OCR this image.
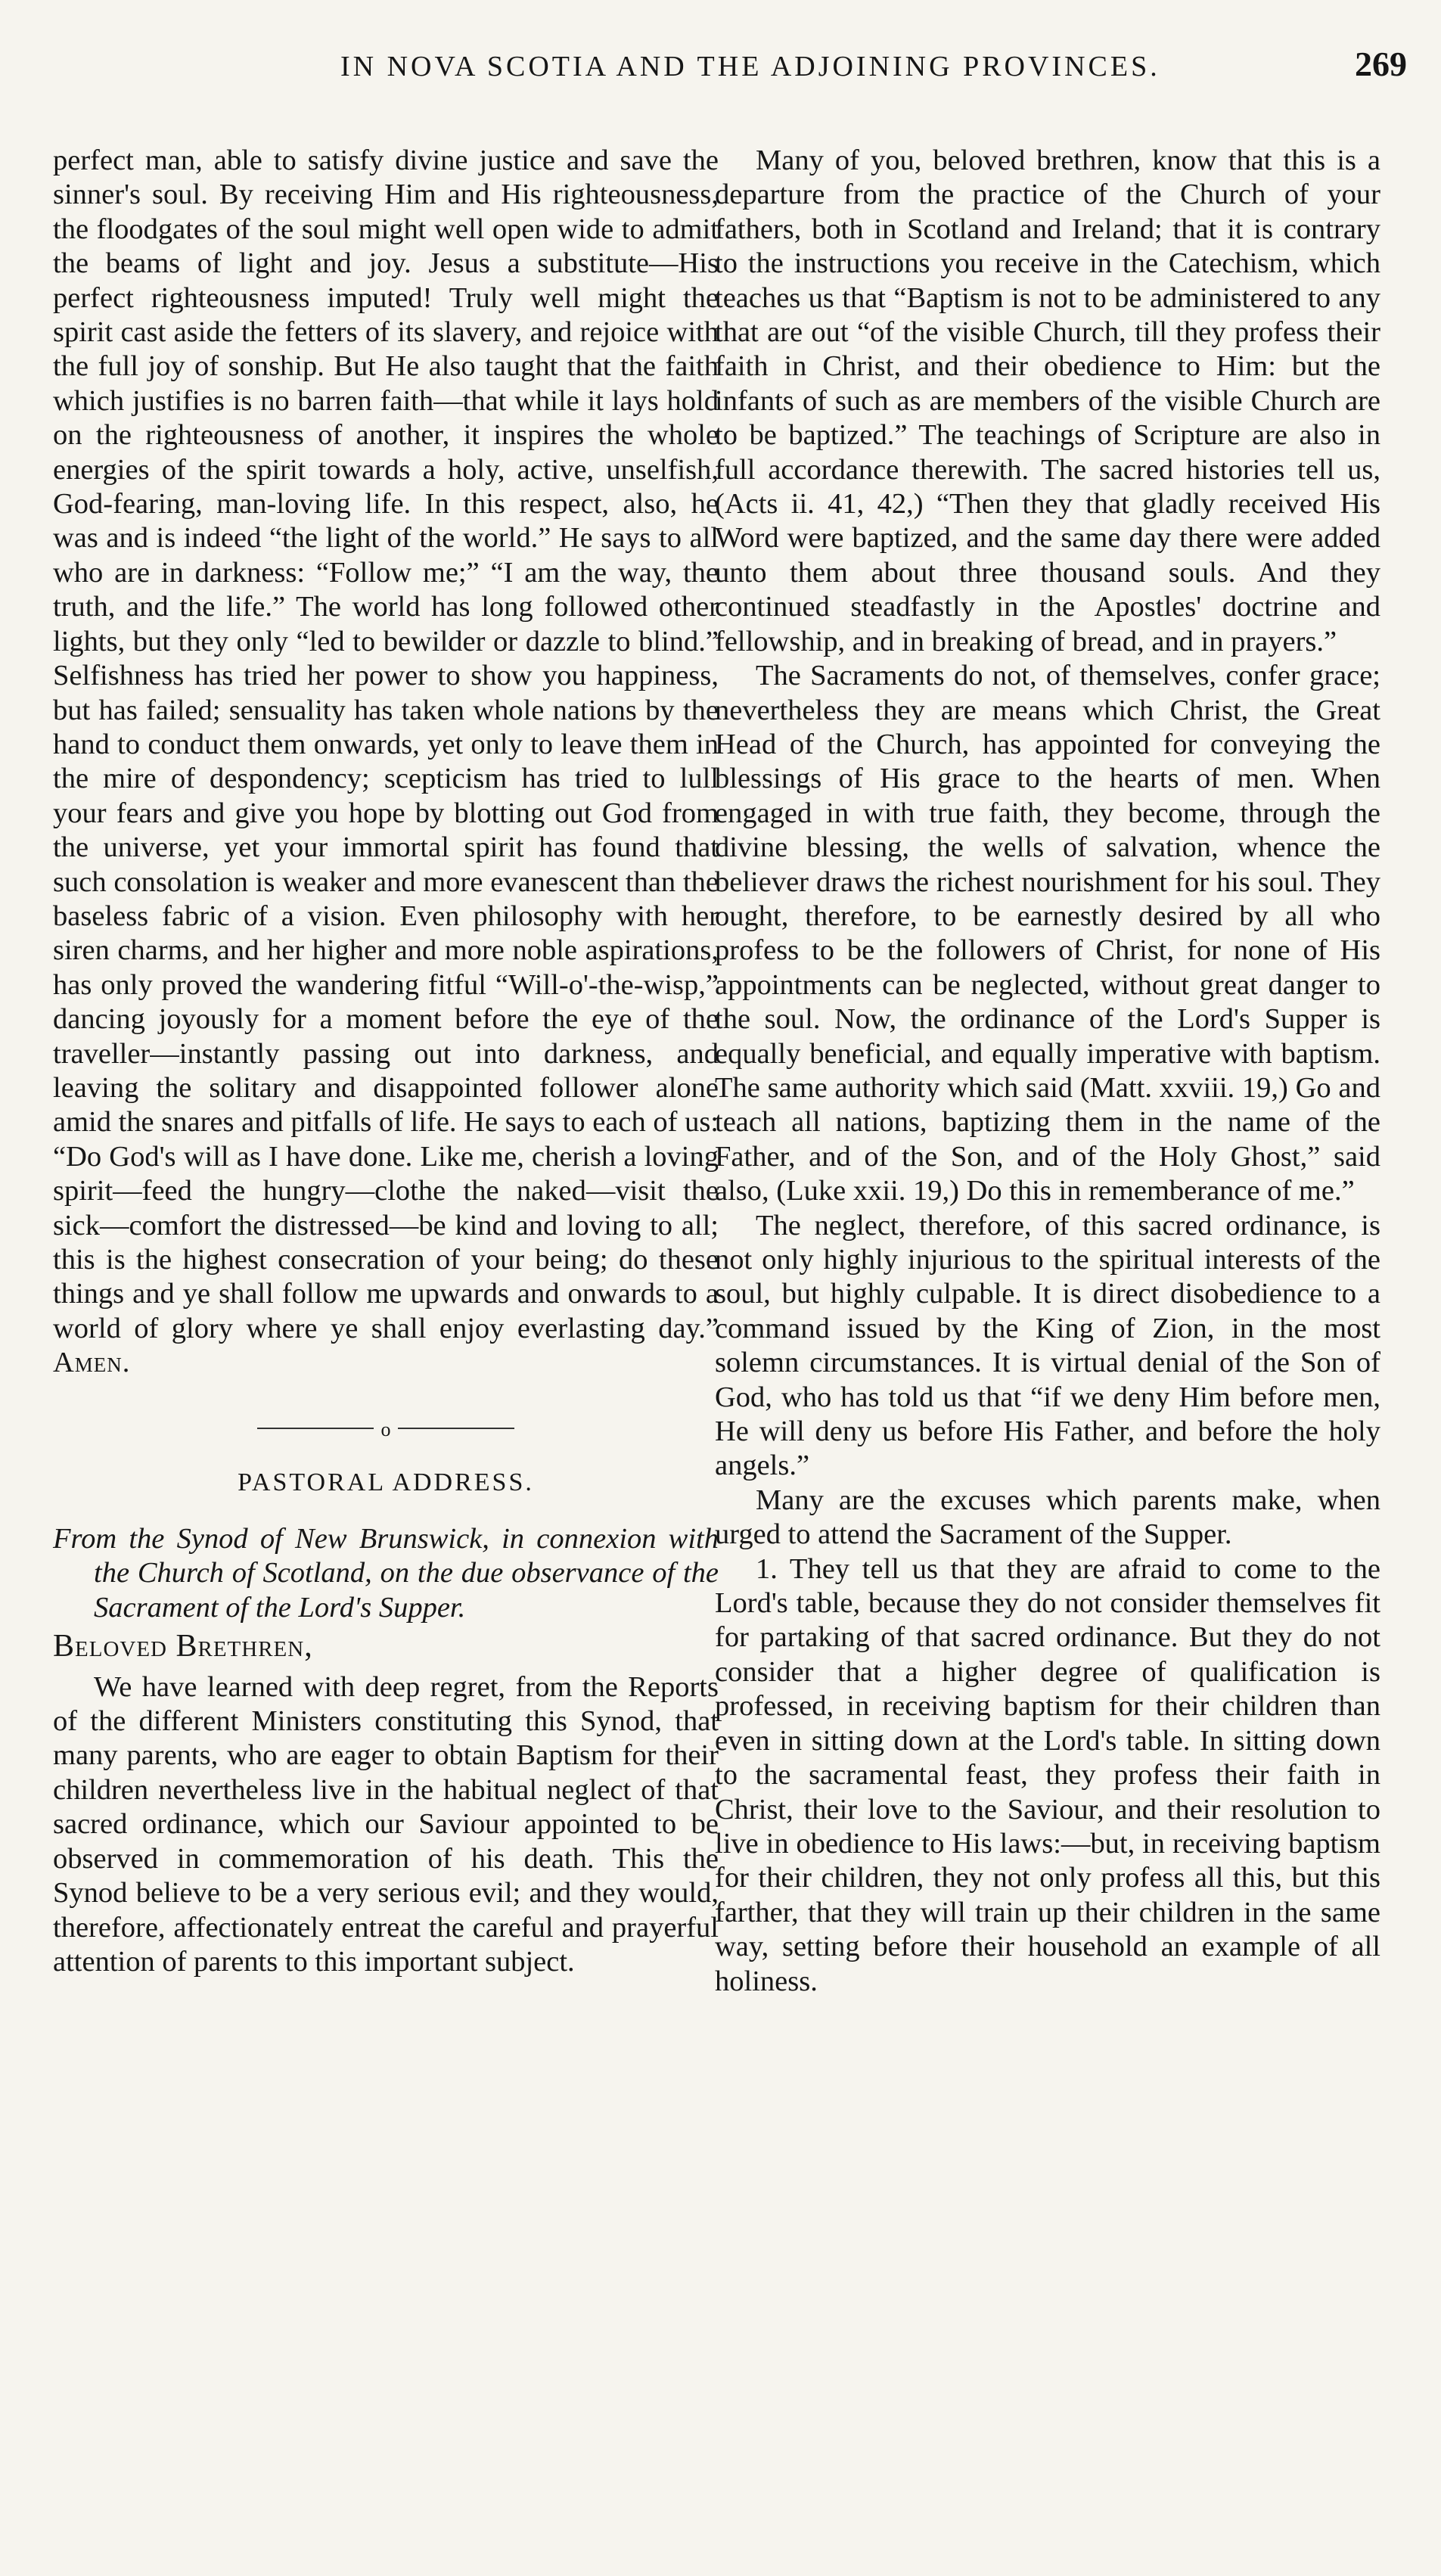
IN NOVA SCOTIA AND THE ADJOINING PROVINCES.	269

perfect man, able to satisfy divine justice and save the sinner's soul. By receiving Him and His righteousness, the floodgates of the soul might well open wide to admit the beams of light and joy. Jesus a substitute—His perfect righteousness imputed! Truly well might the spirit cast aside the fetters of its slavery, and rejoice with the full joy of sonship. But He also taught that the faith which justifies is no barren faith—that while it lays hold on the righteousness of another, it inspires the whole energies of the spirit towards a holy, active, unselfish, God-fearing, man-loving life. In this respect, also, he was and is indeed “the light of the world.” He says to all who are in darkness: “Follow me;” “I am the way, the truth, and the life.” The world has long followed other lights, but they only “led to bewilder or dazzle to blind.” Selfishness has tried her power to show you happiness, but has failed; sensuality has taken whole nations by the hand to conduct them onwards, yet only to leave them in the mire of despondency; scepticism has tried to lull your fears and give you hope by blotting out God from the universe, yet your immortal spirit has found that such consolation is weaker and more evanescent than the baseless fabric of a vision. Even philosophy with her siren charms, and her higher and more noble aspirations, has only proved the wandering fitful “Will-o'-the-wisp,” dancing joyously for a moment before the eye of the traveller—instantly passing out into darkness, and leaving the solitary and disappointed follower alone amid the snares and pitfalls of life. He says to each of us: “Do God's will as I have done. Like me, cherish a loving spirit—feed the hungry—clothe the naked—visit the sick—comfort the distressed—be kind and loving to all; this is the highest consecration of your being; do these things and ye shall follow me upwards and onwards to a world of glory where ye shall enjoy everlasting day.” Amen.

o
PASTORAL ADDRESS.

From the Synod of New Brunswick, in connexion with the Church of Scotland, on the due observance of the Sacrament of the Lord's Supper.

Beloved Brethren,

We have learned with deep regret, from the Reports of the different Ministers constituting this Synod, that many parents, who are eager to obtain Baptism for their children nevertheless live in the habitual neglect of that sacred ordinance, which our Saviour appointed to be observed in commemoration of his death. This the Synod believe to be a very serious evil; and they would, therefore, affectionately entreat the careful and prayerful attention of parents to this important subject.

Many of you, beloved brethren, know that this is a departure from the practice of the Church of your fathers, both in Scotland and Ireland; that it is contrary to the instructions you receive in the Catechism, which teaches us that “Baptism is not to be administered to any that are out “of the visible Church, till they profess their faith in Christ, and their obedience to Him: but the infants of such as are members of the visible Church are to be baptized.” The teachings of Scripture are also in full accordance therewith. The sacred histories tell us, (Acts ii. 41, 42,) “Then they that gladly received His Word were baptized, and the same day there were added unto them about three thousand souls. And they continued steadfastly in the Apostles' doctrine and fellowship, and in breaking of bread, and in prayers.”

The Sacraments do not, of themselves, confer grace; nevertheless they are means which Christ, the Great Head of the Church, has appointed for conveying the blessings of His grace to the hearts of men. When engaged in with true faith, they become, through the divine blessing, the wells of salvation, whence the believer draws the richest nourishment for his soul. They ought, therefore, to be earnestly desired by all who profess to be the followers of Christ, for none of His appointments can be neglected, without great danger to the soul. Now, the ordinance of the Lord's Supper is equally beneficial, and equally imperative with baptism. The same authority which said (Matt. xxviii. 19,) Go and teach all nations, baptizing them in the name of the Father, and of the Son, and of the Holy Ghost,” said also, (Luke xxii. 19,) Do this in rememberance of me.”

The neglect, therefore, of this sacred ordinance, is not only highly injurious to the spiritual interests of the soul, but highly culpable. It is direct disobedience to a command issued by the King of Zion, in the most solemn circumstances. It is virtual denial of the Son of God, who has told us that “if we deny Him before men, He will deny us before His Father, and before the holy angels.”

Many are the excuses which parents make, when urged to attend the Sacrament of the Supper.

1. They tell us that they are afraid to come to the Lord's table, because they do not consider themselves fit for partaking of that sacred ordinance. But they do not consider that a higher degree of qualification is professed, in receiving baptism for their children than even in sitting down at the Lord's table. In sitting down to the sacramental feast, they profess their faith in Christ, their love to the Saviour, and their resolution to live in obedience to His laws:—but, in receiving baptism for their children, they not only profess all this, but this farther, that they will train up their children in the same way, setting before their household an example of all holiness.
